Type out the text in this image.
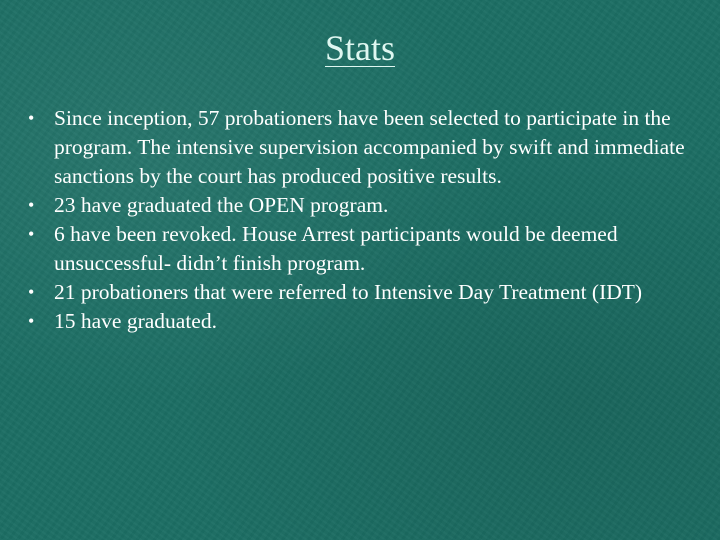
Stats
• Since inception, 57 probationers have been selected to participate in the program. The intensive supervision accompanied by swift and immediate sanctions by the court has produced positive results.
• 23 have graduated the OPEN program.
• 6 have been revoked. House Arrest participants would be deemed unsuccessful- didn’t finish program.
• 21 probationers that were referred to Intensive Day Treatment (IDT)
• 15 have graduated.
